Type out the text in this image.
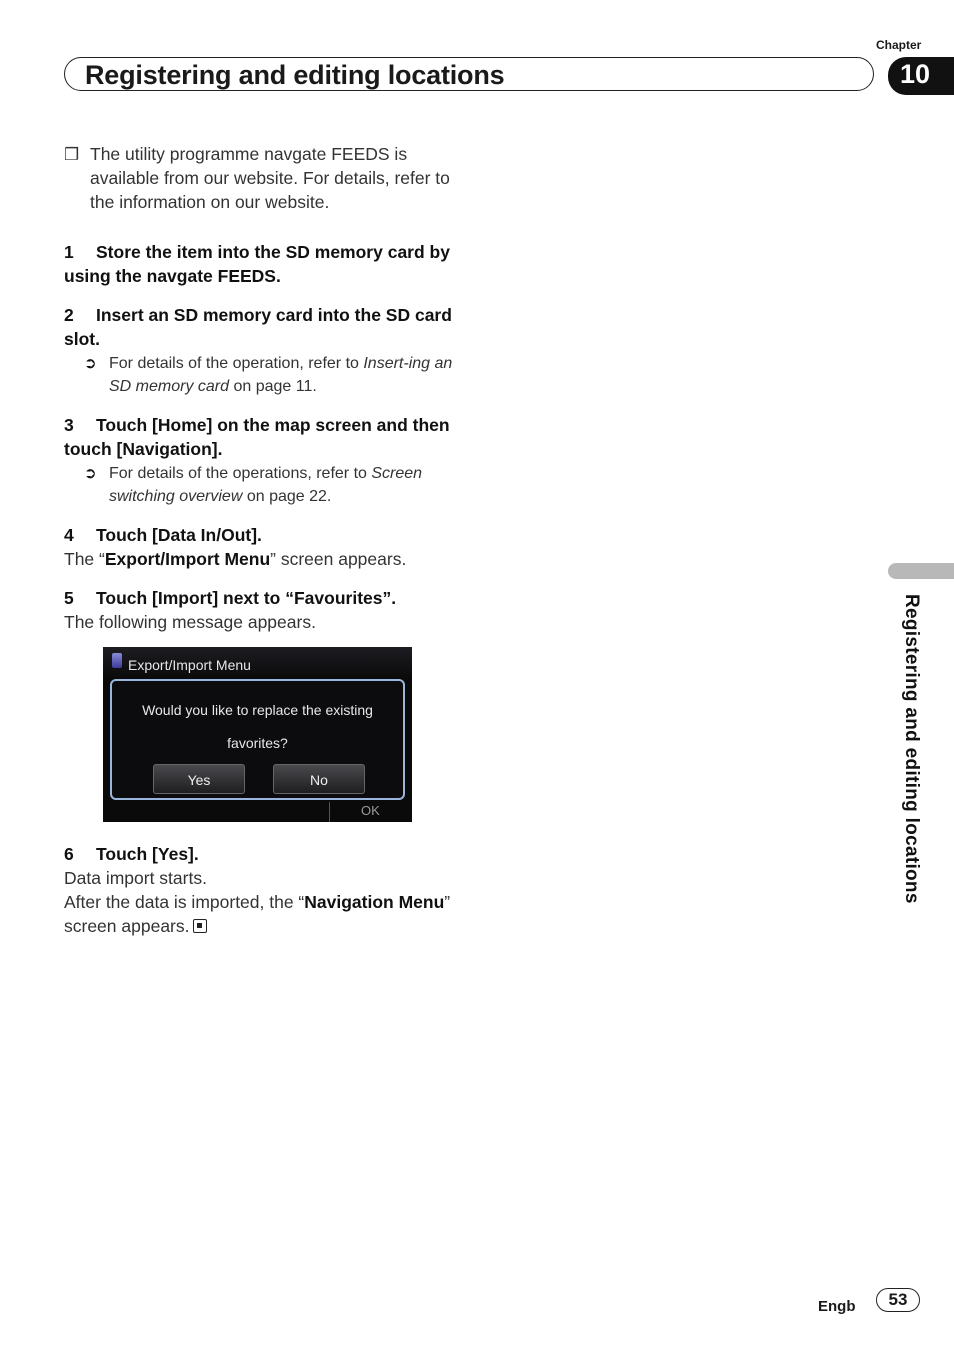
Chapter
Registering and editing locations	10
❒ The utility programme navgate FEEDS is available from our website. For details, refer to the information on our website.

1 Store the item into the SD memory card by using the navgate FEEDS.

2 Insert an SD memory card into the SD card slot.

➲ For details of the operation, refer to Insert-ing an SD memory card on page 11.

3 Touch [Home] on the map screen and then touch [Navigation].

➲ For details of the operations, refer to Screen switching overview on page 22.

4 Touch [Data In/Out].

The “Export/Import Menu” screen appears.

5 Touch [Import] next to “Favourites”.

The following message appears.

Export/Import Menu
Would you like to replace the existing
favorites?
Yes	No
OK

6 Touch [Yes].

Data import starts.

After the data is imported, the “Navigation Menu” screen appears.

Registering and editing locations
Engb	53
